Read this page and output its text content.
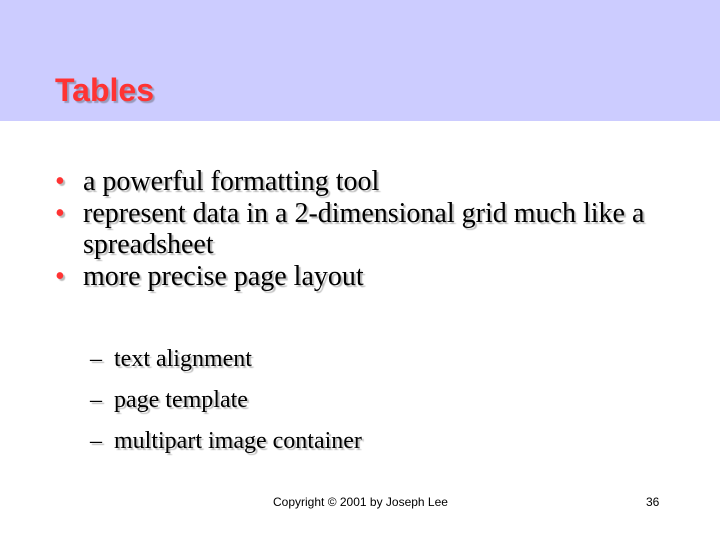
Tables
• a powerful formatting tool
• represent data in a 2-dimensional grid much like a spreadsheet
• more precise page layout
– text alignment
– page template
– multipart image container
Copyright © 2001 by Joseph Lee	36
